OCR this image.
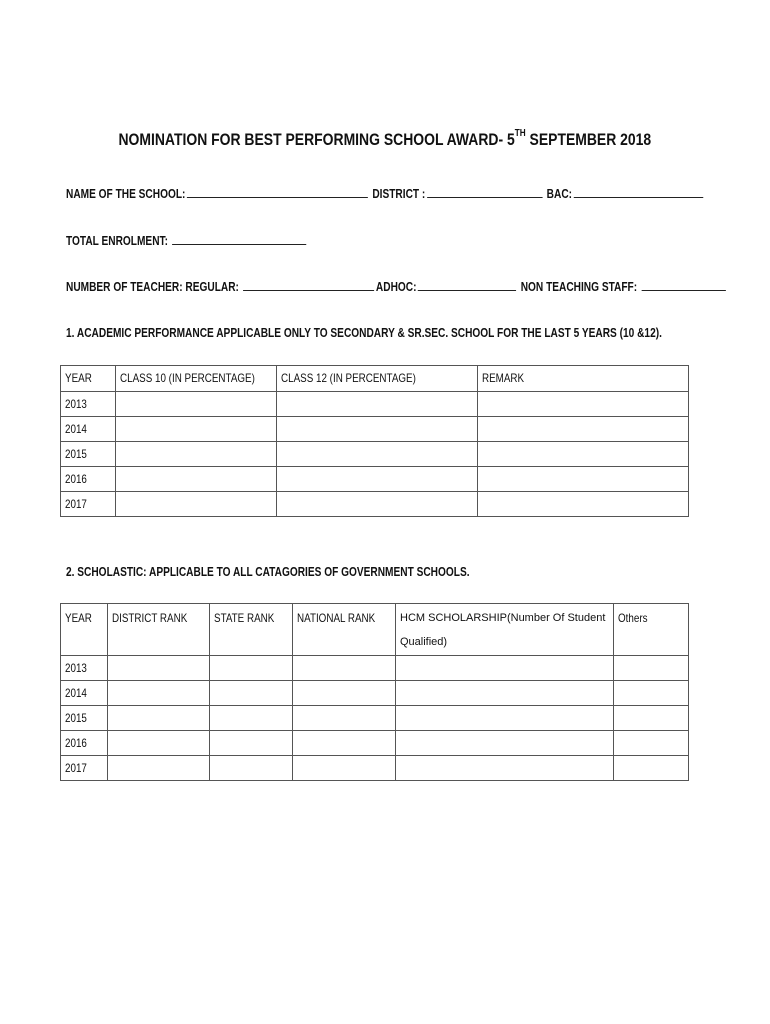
NOMINATION FOR BEST PERFORMING SCHOOL AWARD- 5TH SEPTEMBER 2018
NAME OF THE SCHOOL:	DISTRICT :	BAC:
TOTAL ENROLMENT:
NUMBER OF TEACHER: REGULAR:	ADHOC:	NON TEACHING STAFF:
1. ACADEMIC PERFORMANCE APPLICABLE ONLY TO SECONDARY & SR.SEC. SCHOOL FOR THE LAST 5 YEARS (10 &12).
YEAR	CLASS 10 (IN PERCENTAGE)	CLASS 12 (IN PERCENTAGE)	REMARK
2013			
2014			
2015			
2016			
2017			
2. SCHOLASTIC: APPLICABLE TO ALL CATAGORIES OF GOVERNMENT SCHOOLS.
YEAR	DISTRICT RANK	STATE RANK	NATIONAL RANK	HCM SCHOLARSHIP(Number Of Student Qualified)	Others
2013					
2014					
2015					
2016					
2017					
